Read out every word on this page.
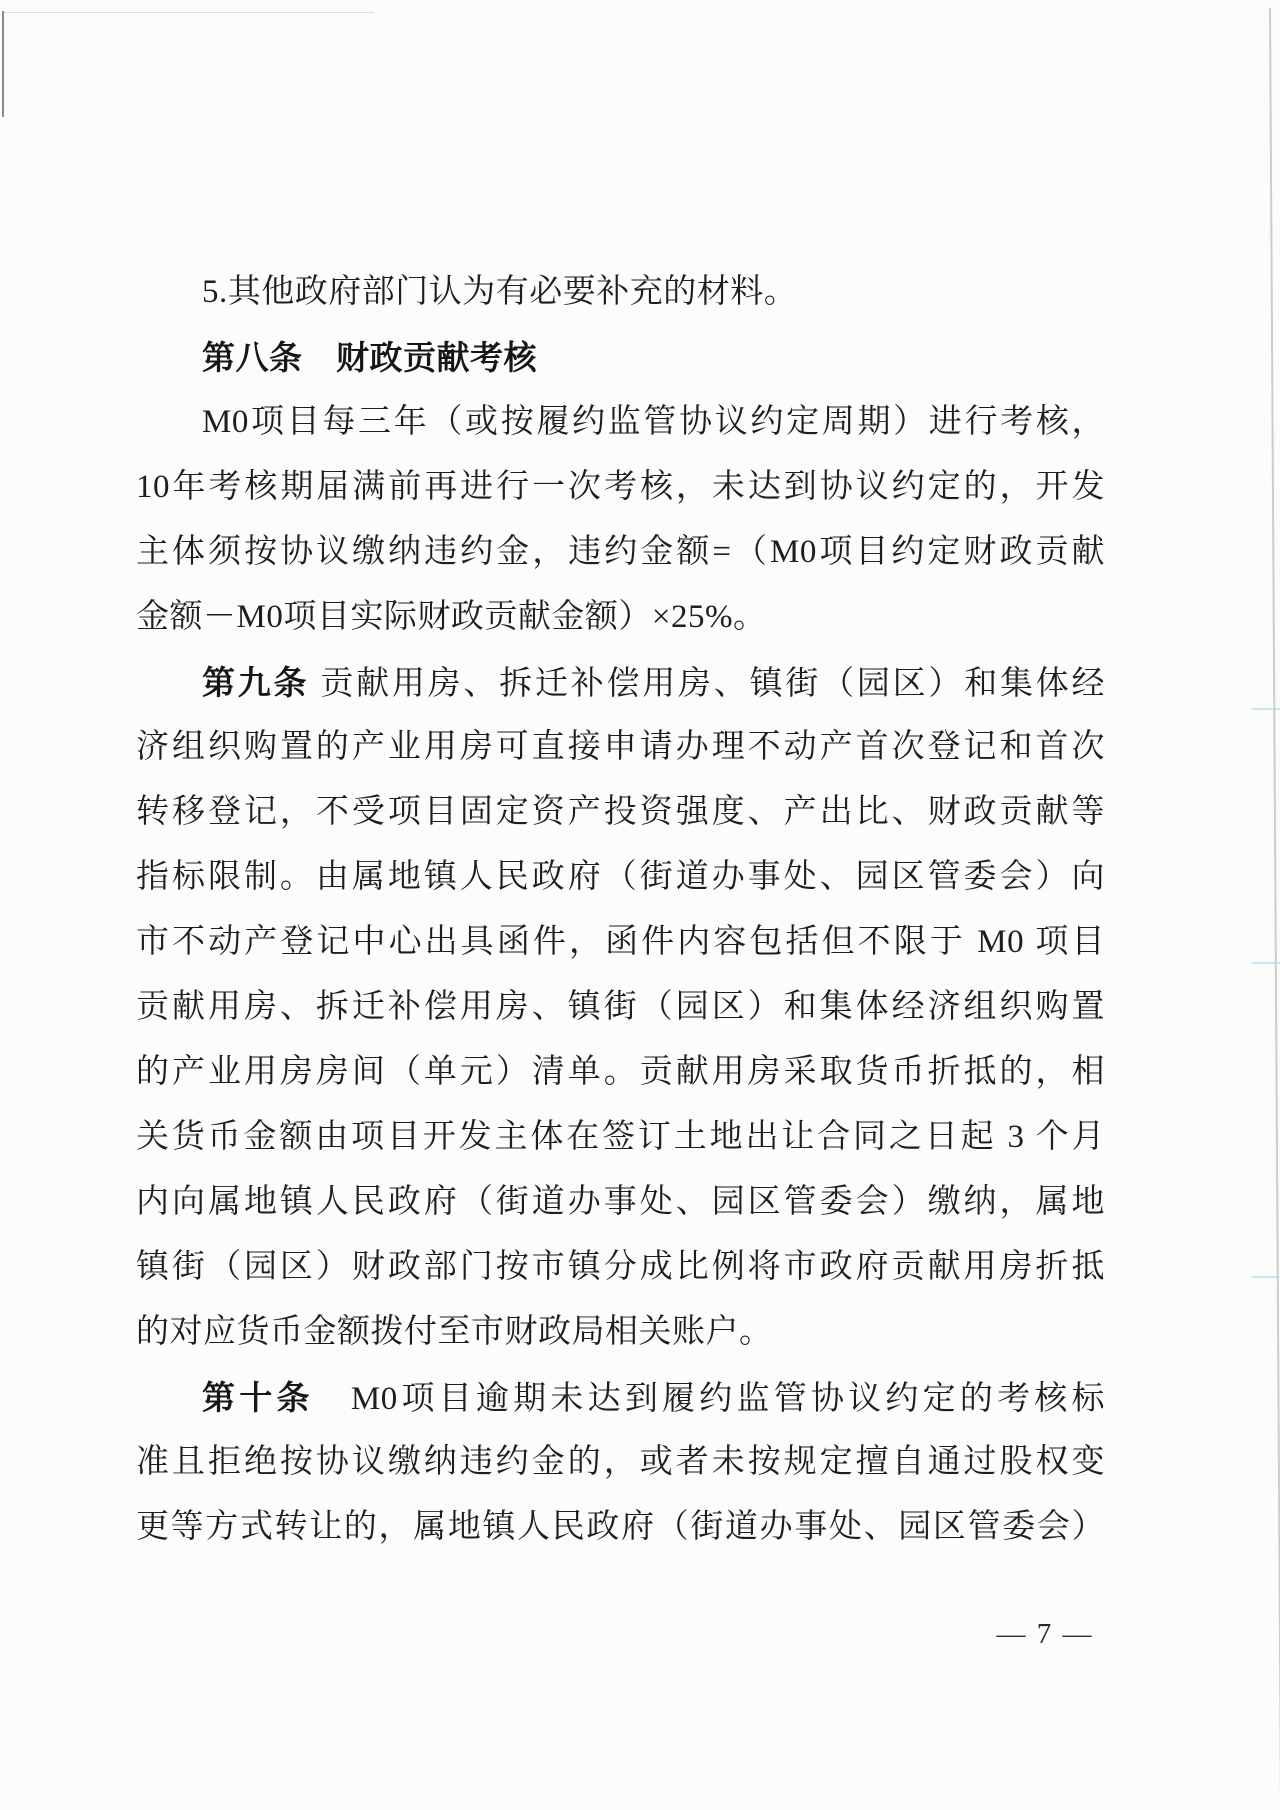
5.其他政府部门认为有必要补充的材料。
第八条　财政贡献考核
M0项目每三年（或按履约监管协议约定周期）进行考核，
10年考核期届满前再进行一次考核，未达到协议约定的，开发
主体须按协议缴纳违约金，违约金额=（M0项目约定财政贡献
金额－M0项目实际财政贡献金额）×25%。
第九条 贡献用房、拆迁补偿用房、镇街（园区）和集体经
济组织购置的产业用房可直接申请办理不动产首次登记和首次
转移登记，不受项目固定资产投资强度、产出比、财政贡献等
指标限制。由属地镇人民政府（街道办事处、园区管委会）向
市不动产登记中心出具函件，函件内容包括但不限于 M0 项目
贡献用房、拆迁补偿用房、镇街（园区）和集体经济组织购置
的产业用房房间（单元）清单。贡献用房采取货币折抵的，相
关货币金额由项目开发主体在签订土地出让合同之日起 3 个月
内向属地镇人民政府（街道办事处、园区管委会）缴纳，属地
镇街（园区）财政部门按市镇分成比例将市政府贡献用房折抵
的对应货币金额拨付至市财政局相关账户。
第十条　M0项目逾期未达到履约监管协议约定的考核标
准且拒绝按协议缴纳违约金的，或者未按规定擅自通过股权变
更等方式转让的，属地镇人民政府（街道办事处、园区管委会）
— 7 —
